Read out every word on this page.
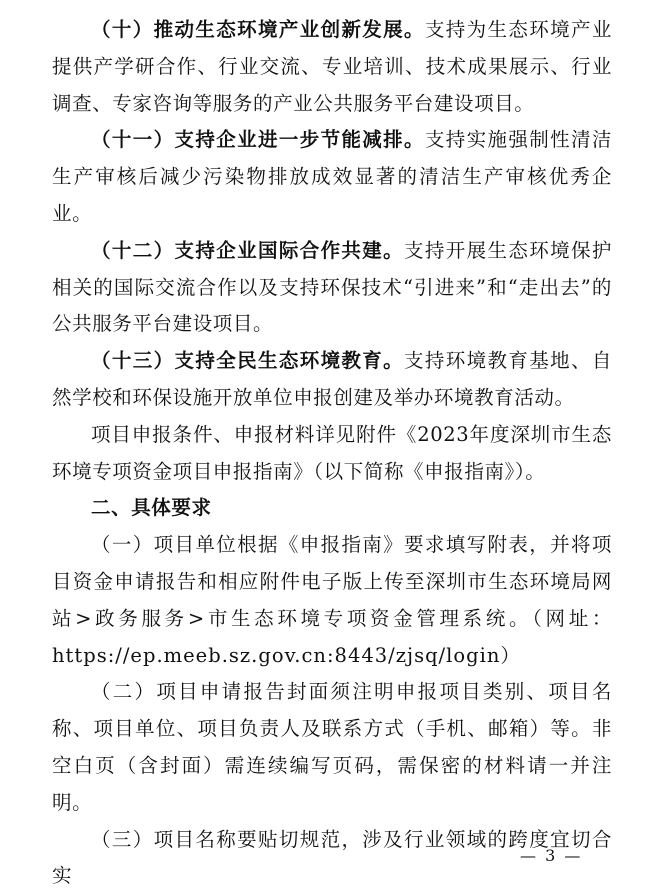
（十）推动生态环境产业创新发展。支持为生态环境产业提供产学研合作、行业交流、专业培训、技术成果展示、行业调查、专家咨询等服务的产业公共服务平台建设项目。

（十一）支持企业进一步节能减排。支持实施强制性清洁生产审核后减少污染物排放成效显著的清洁生产审核优秀企业。

（十二）支持企业国际合作共建。支持开展生态环境保护相关的国际交流合作以及支持环保技术“引进来”和“走出去”的公共服务平台建设项目。

（十三）支持全民生态环境教育。支持环境教育基地、自然学校和环保设施开放单位申报创建及举办环境教育活动。

项目申报条件、申报材料详见附件《2023年度深圳市生态环境专项资金项目申报指南》（以下简称《申报指南》）。

二、具体要求

（一）项目单位根据《申报指南》要求填写附表，并将项目资金申请报告和相应附件电子版上传至深圳市生态环境局网站>政务服务>市生态环境专项资金管理系统。（网址：https://ep.meeb.sz.gov.cn:8443/zjsq/login）

（二）项目申请报告封面须注明申报项目类别、项目名称、项目单位、项目负责人及联系方式（手机、邮箱）等。非空白页（含封面）需连续编写页码，需保密的材料请一并注明。

（三）项目名称要贴切规范，涉及行业领域的跨度宜切合实

— 3 —
